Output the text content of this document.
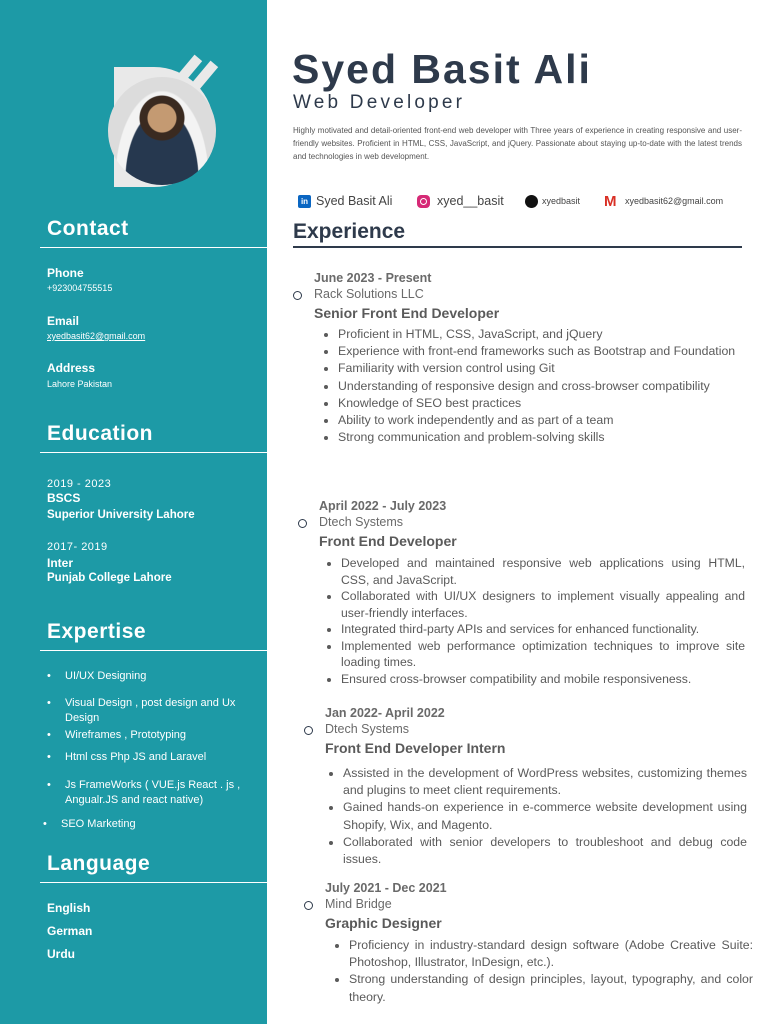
Contact
Phone
+923004755515
Email
xyedbasit62@gmail.com
Address
Lahore Pakistan
Education
2019 - 2023
BSCS
Superior University Lahore
2017- 2019
Inter
Punjab College Lahore
Expertise
• UI/UX Designing
• Visual Design , post design and Ux Design
• Wireframes , Prototyping
• Html css Php JS and Laravel
• Js FrameWorks ( VUE.js React . js , Angualr.JS and react native)
• SEO Marketing
Language
English
German
Urdu
Syed Basit Ali
Web Developer
Highly motivated and detail-oriented front-end web developer with Three years of experience in creating responsive and user-friendly websites. Proficient in HTML, CSS, JavaScript, and jQuery. Passionate about staying up-to-date with the latest trends and technologies in web development.
in Syed Basit Ali	xyed__basit	xyedbasit M xyedbasit62@gmail.com
Experience
June 2023 - Present
Rack Solutions LLC
Senior Front End Developer
• Proficient in HTML, CSS, JavaScript, and jQuery
• Experience with front-end frameworks such as Bootstrap and Foundation
• Familiarity with version control using Git
• Understanding of responsive design and cross-browser compatibility
• Knowledge of SEO best practices
• Ability to work independently and as part of a team
• Strong communication and problem-solving skills
April 2022 - July 2023
Dtech Systems
Front End Developer
• Developed and maintained responsive web applications using HTML, CSS, and JavaScript.
• Collaborated with UI/UX designers to implement visually appealing and user-friendly interfaces.
• Integrated third-party APIs and services for enhanced functionality.
• Implemented web performance optimization techniques to improve site loading times.
• Ensured cross-browser compatibility and mobile responsiveness.
Jan 2022- April 2022
Dtech Systems
Front End Developer Intern
• Assisted in the development of WordPress websites, customizing themes and plugins to meet client requirements.
• Gained hands-on experience in e-commerce website development using Shopify, Wix, and Magento.
• Collaborated with senior developers to troubleshoot and debug code issues.
July 2021 - Dec 2021
Mind Bridge
Graphic Designer
• Proficiency in industry-standard design software (Adobe Creative Suite: Photoshop, Illustrator, InDesign, etc.).
• Strong understanding of design principles, layout, typography, and color theory.
